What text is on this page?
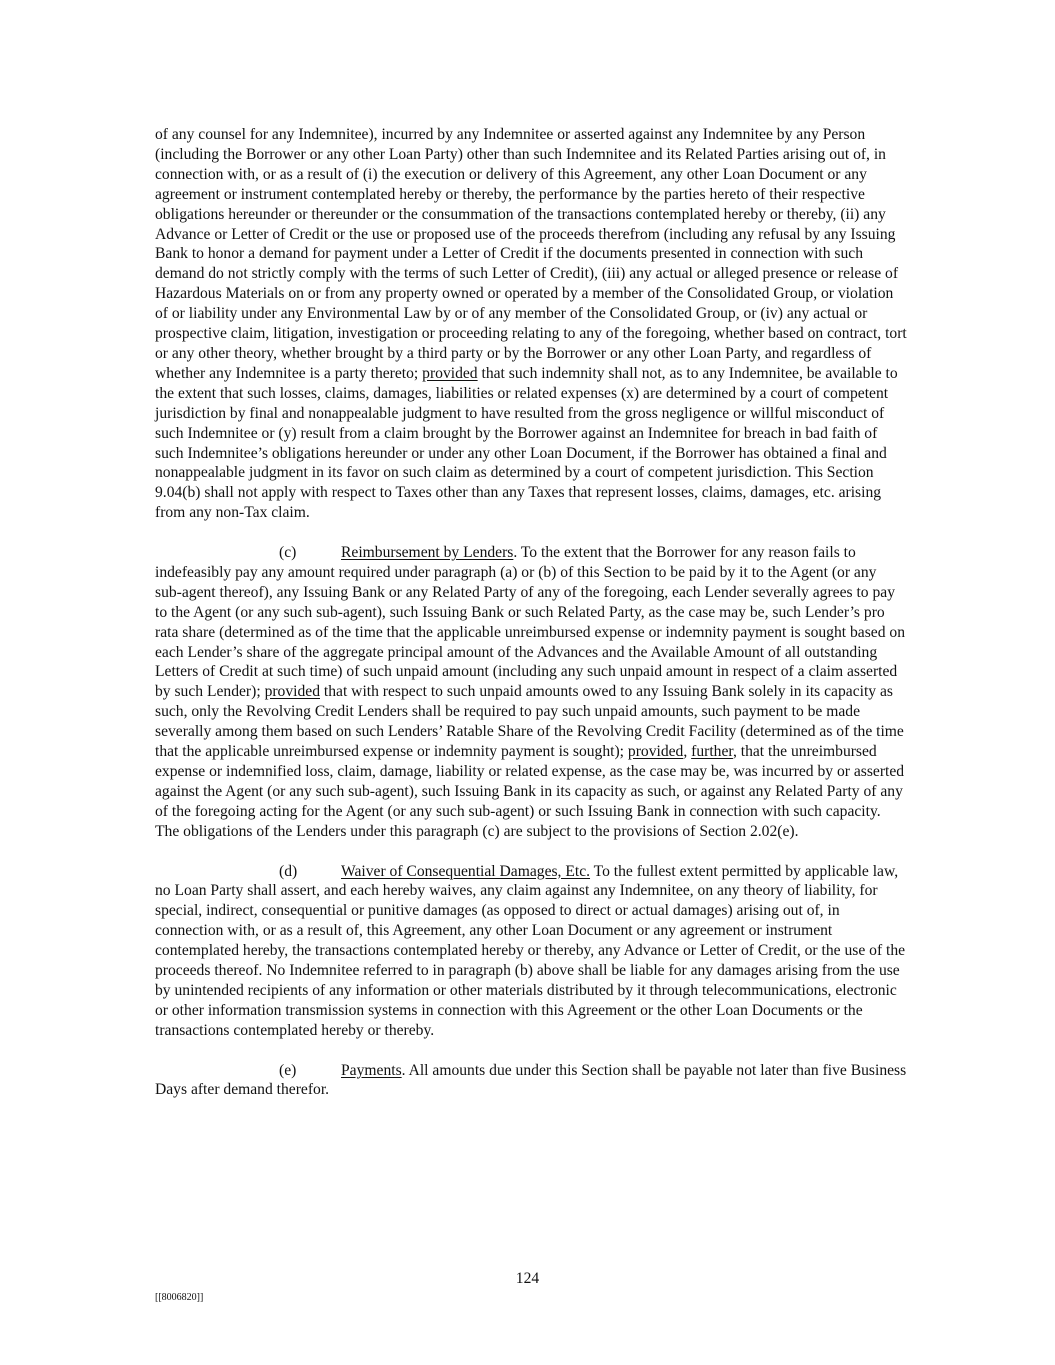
of any counsel for any Indemnitee), incurred by any Indemnitee or asserted against any Indemnitee by any Person (including the Borrower or any other Loan Party) other than such Indemnitee and its Related Parties arising out of, in connection with, or as a result of (i) the execution or delivery of this Agreement, any other Loan Document or any agreement or instrument contemplated hereby or thereby, the performance by the parties hereto of their respective obligations hereunder or thereunder or the consummation of the transactions contemplated hereby or thereby, (ii) any Advance or Letter of Credit or the use or proposed use of the proceeds therefrom (including any refusal by any Issuing Bank to honor a demand for payment under a Letter of Credit if the documents presented in connection with such demand do not strictly comply with the terms of such Letter of Credit), (iii) any actual or alleged presence or release of Hazardous Materials on or from any property owned or operated by a member of the Consolidated Group, or violation of or liability under any Environmental Law by or of any member of the Consolidated Group, or (iv) any actual or prospective claim, litigation, investigation or proceeding relating to any of the foregoing, whether based on contract, tort or any other theory, whether brought by a third party or by the Borrower or any other Loan Party, and regardless of whether any Indemnitee is a party thereto; provided that such indemnity shall not, as to any Indemnitee, be available to the extent that such losses, claims, damages, liabilities or related expenses (x) are determined by a court of competent jurisdiction by final and nonappealable judgment to have resulted from the gross negligence or willful misconduct of such Indemnitee or (y) result from a claim brought by the Borrower against an Indemnitee for breach in bad faith of such Indemnitee’s obligations hereunder or under any other Loan Document, if the Borrower has obtained a final and nonappealable judgment in its favor on such claim as determined by a court of competent jurisdiction. This Section 9.04(b) shall not apply with respect to Taxes other than any Taxes that represent losses, claims, damages, etc. arising from any non-Tax claim.

(c)	Reimbursement by Lenders. To the extent that the Borrower for any reason fails to indefeasibly pay any amount required under paragraph (a) or (b) of this Section to be paid by it to the Agent (or any sub-agent thereof), any Issuing Bank or any Related Party of any of the foregoing, each Lender severally agrees to pay to the Agent (or any such sub-agent), such Issuing Bank or such Related Party, as the case may be, such Lender’s pro rata share (determined as of the time that the applicable unreimbursed expense or indemnity payment is sought based on each Lender’s share of the aggregate principal amount of the Advances and the Available Amount of all outstanding Letters of Credit at such time) of such unpaid amount (including any such unpaid amount in respect of a claim asserted by such Lender); provided that with respect to such unpaid amounts owed to any Issuing Bank solely in its capacity as such, only the Revolving Credit Lenders shall be required to pay such unpaid amounts, such payment to be made severally among them based on such Lenders’ Ratable Share of the Revolving Credit Facility (determined as of the time that the applicable unreimbursed expense or indemnity payment is sought); provided, further, that the unreimbursed expense or indemnified loss, claim, damage, liability or related expense, as the case may be, was incurred by or asserted against the Agent (or any such sub-agent), such Issuing Bank in its capacity as such, or against any Related Party of any of the foregoing acting for the Agent (or any such sub-agent) or such Issuing Bank in connection with such capacity. The obligations of the Lenders under this paragraph (c) are subject to the provisions of Section 2.02(e).

(d)	Waiver of Consequential Damages, Etc. To the fullest extent permitted by applicable law, no Loan Party shall assert, and each hereby waives, any claim against any Indemnitee, on any theory of liability, for special, indirect, consequential or punitive damages (as opposed to direct or actual damages) arising out of, in connection with, or as a result of, this Agreement, any other Loan Document or any agreement or instrument contemplated hereby, the transactions contemplated hereby or thereby, any Advance or Letter of Credit, or the use of the proceeds thereof. No Indemnitee referred to in paragraph (b) above shall be liable for any damages arising from the use by unintended recipients of any information or other materials distributed by it through telecommunications, electronic or other information transmission systems in connection with this Agreement or the other Loan Documents or the transactions contemplated hereby or thereby.

(e)	Payments. All amounts due under this Section shall be payable not later than five Business Days after demand therefor.

124
[[8006820]]
